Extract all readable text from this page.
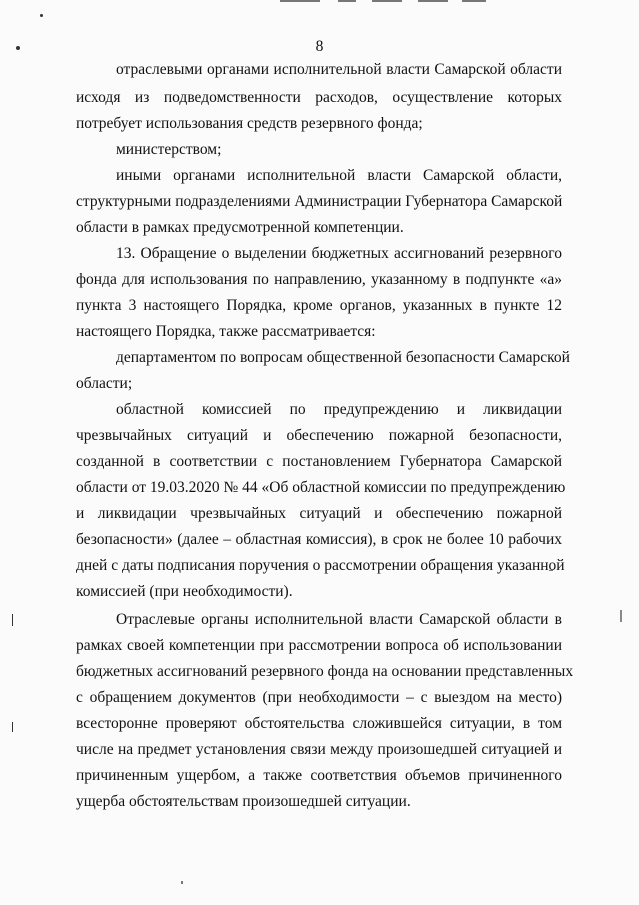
8
отраслевыми органами исполнительной власти Самарской области
исходя из подведомственности расходов, осуществление которых
потребует использования средств резервного фонда;
министерством;
иными органами исполнительной власти Самарской области,
структурными подразделениями Администрации Губернатора Самарской
области в рамках предусмотренной компетенции.
13. Обращение о выделении бюджетных ассигнований резервного
фонда для использования по направлению, указанному в подпункте «а»
пункта 3 настоящего Порядка, кроме органов, указанных в пункте 12
настоящего Порядка, также рассматривается:
департаментом по вопросам общественной безопасности Самарской
области;
областной комиссией по предупреждению и ликвидации
чрезвычайных ситуаций и обеспечению пожарной безопасности,
созданной в соответствии с постановлением Губернатора Самарской
области от 19.03.2020 № 44 «Об областной комиссии по предупреждению
и ликвидации чрезвычайных ситуаций и обеспечению пожарной
безопасности» (далее – областная комиссия), в срок не более 10 рабочих
дней с даты подписания поручения о рассмотрении обращения указанной
комиссией (при необходимости).
Отраслевые органы исполнительной власти Самарской области в
рамках своей компетенции при рассмотрении вопроса об использовании
бюджетных ассигнований резервного фонда на основании представленных
с обращением документов (при необходимости – с выездом на место)
всесторонне проверяют обстоятельства сложившейся ситуации, в том
числе на предмет установления связи между произошедшей ситуацией и
причиненным ущербом, а также соответствия объемов причиненного
ущерба обстоятельствам произошедшей ситуации.
